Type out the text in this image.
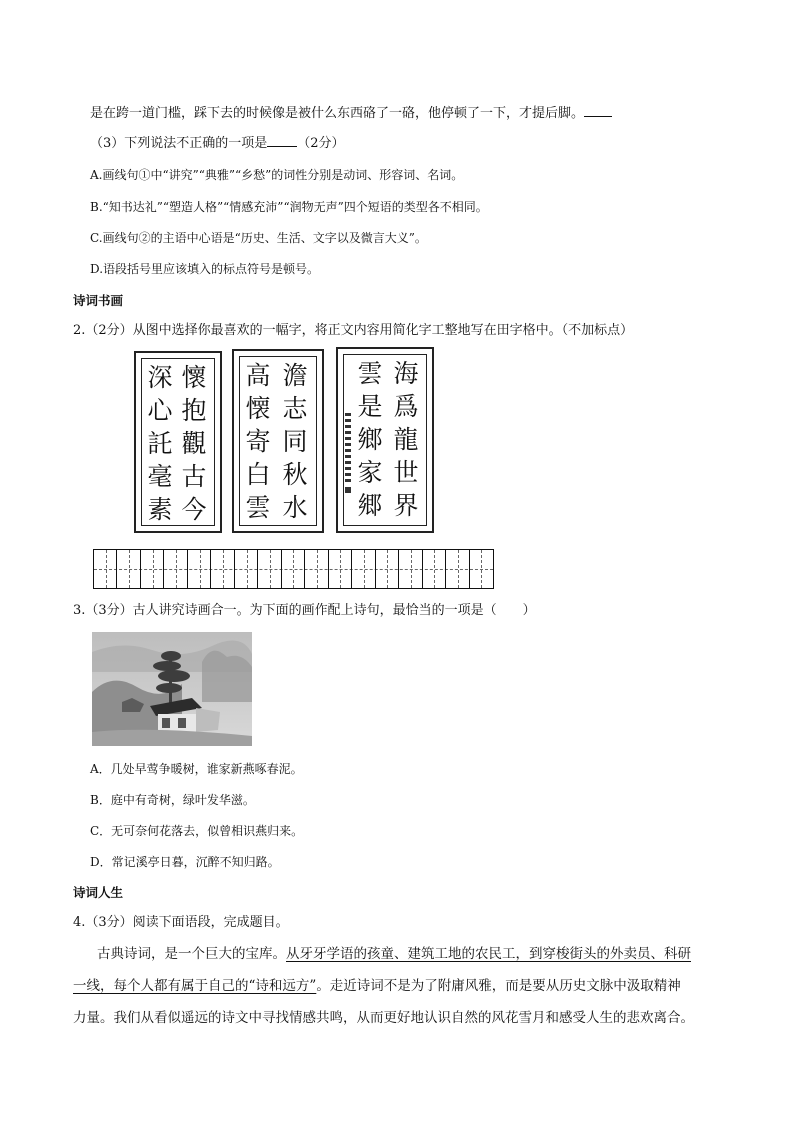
是在跨一道门槛，踩下去的时候像是被什么东西硌了一硌，他停顿了一下，才提后脚。
（3）下列说法不正确的一项是 （2分）
A.画线句①中“讲究”“典雅”“乡愁”的词性分别是动词、形容词、名词。
B.“知书达礼”“塑造人格”“情感充沛”“润物无声”四个短语的类型各不相同。
C.画线句②的主语中心语是“历史、生活、文字以及微言大义”。
D.语段括号里应该填入的标点符号是顿号。
诗词书画
2.（2分）从图中选择你最喜欢的一幅字，将正文内容用简化字工整地写在田字格中。（不加标点）
深
心
託
毫
素
懷
抱
觀
古
今
高
懐
寄
白
雲
澹
志
同
秋
水
雲
是
鄉
家
郷
海
爲
龍
世
界
3.（3分）古人讲究诗画合一。为下面的画作配上诗句，最恰当的一项是（　　）
A．几处早莺争暖树，谁家新燕啄春泥。
B．庭中有奇树，绿叶发华滋。
C．无可奈何花落去，似曾相识燕归来。
D．常记溪亭日暮，沉醉不知归路。
诗词人生
4.（3分）阅读下面语段，完成题目。
古典诗词，是一个巨大的宝库。从牙牙学语的孩童、建筑工地的农民工，到穿梭街头的外卖员、科研
一线，每个人都有属于自己的“诗和远方”。走近诗词不是为了附庸风雅，而是要从历史文脉中汲取精神
力量。我们从看似遥远的诗文中寻找情感共鸣，从而更好地认识自然的风花雪月和感受人生的悲欢离合。
